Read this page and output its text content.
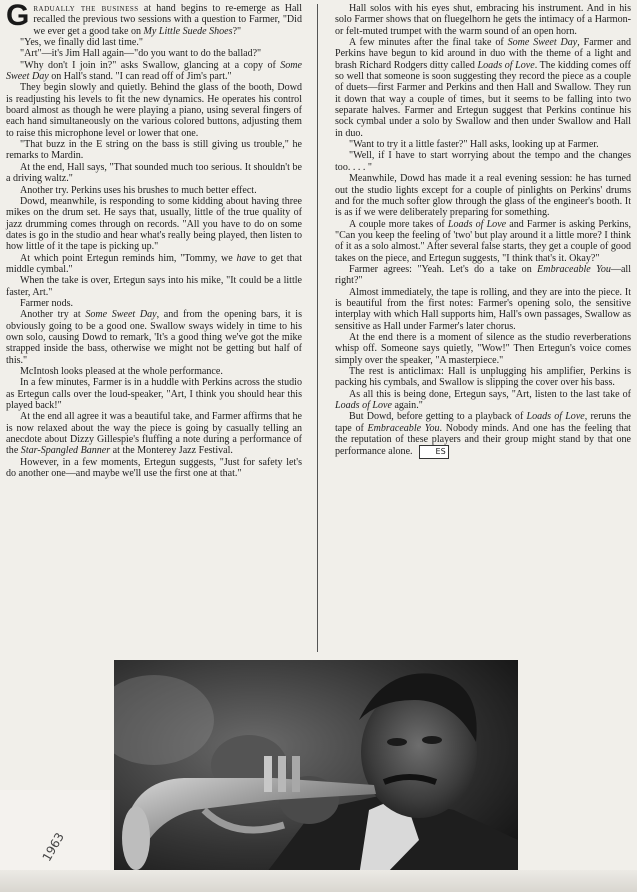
Gradually the business at hand begins to re-emerge as Hall recalled the previous two sessions with a question to Farmer, "Did we ever get a good take on My Little Suede Shoes?"

"Yes, we finally did last time."

"Art"—it's Jim Hall again—"do you want to do the ballad?"

"Why don't I join in?" asks Swallow, glancing at a copy of Some Sweet Day on Hall's stand. "I can read off of Jim's part."

They begin slowly and quietly. Behind the glass of the booth, Dowd is readjusting his levels to fit the new dynamics. He operates his control board almost as though he were playing a piano, using several fingers of each hand simultaneously on the various colored buttons, adjusting them to raise this microphone level or lower that one.

"That buzz in the E string on the bass is still giving us trouble," he remarks to Mardin.

At the end, Hall says, "That sounded much too serious. It shouldn't be a driving waltz."

Another try. Perkins uses his brushes to much better effect.

Dowd, meanwhile, is responding to some kidding about having three mikes on the drum set. He says that, usually, little of the true quality of jazz drumming comes through on records. "All you have to do on some dates is go in the studio and hear what's really being played, then listen to how little of it the tape is picking up."

At which point Ertegun reminds him, "Tommy, we have to get that middle cymbal."

When the take is over, Ertegun says into his mike, "It could be a little faster, Art."

Farmer nods.

Another try at Some Sweet Day, and from the opening bars, it is obviously going to be a good one. Swallow sways widely in time to his own solo, causing Dowd to remark, 'It's a good thing we've got the mike strapped inside the bass, otherwise we might not be getting but half of this."

McIntosh looks pleased at the whole performance.

In a few minutes, Farmer is in a huddle with Perkins across the studio as Ertegun calls over the loud-speaker, "Art, I think you should hear this played back!"

At the end all agree it was a beautiful take, and Farmer affirms that he is now relaxed about the way the piece is going by casually telling an anecdote about Dizzy Gillespie's fluffing a note during a performance of the Star-Spangled Banner at the Monterey Jazz Festival.

However, in a few moments, Ertegun suggests, "Just for safety let's do another one—and maybe we'll use the first one at that."

Hall solos with his eyes shut, embracing his instrument. And in his solo Farmer shows that on fluegelhorn he gets the intimacy of a Harmon- or felt-muted trumpet with the warm sound of an open horn.

A few minutes after the final take of Some Sweet Day, Farmer and Perkins have begun to kid around in duo with the theme of a light and brash Richard Rodgers ditty called Loads of Love. The kidding comes off so well that someone is soon suggesting they record the piece as a couple of duets—first Farmer and Perkins and then Hall and Swallow. They run it down that way a couple of times, but it seems to be falling into two separate halves. Farmer and Ertegun suggest that Perkins continue his sock cymbal under a solo by Swallow and then under Swallow and Hall in duo.

"Want to try it a little faster?" Hall asks, looking up at Farmer.

"Well, if I have to start worrying about the tempo and the changes too. . . . "

Meanwhile, Dowd has made it a real evening session: he has turned out the studio lights except for a couple of pinlights on Perkins' drums and for the much softer glow through the glass of the engineer's booth. It is as if we were deliberately preparing for something.

A couple more takes of Loads of Love and Farmer is asking Perkins, "Can you keep the feeling of 'two' but play around it a little more? I think of it as a solo almost." After several false starts, they get a couple of good takes on the piece, and Ertegun suggests, "I think that's it. Okay?"

Farmer agrees: "Yeah. Let's do a take on Embraceable You—all right?"

Almost immediately, the tape is rolling, and they are into the piece. It is beautiful from the first notes: Farmer's opening solo, the sensitive interplay with which Hall supports him, Hall's own passages, Swallow as sensitive as Hall under Farmer's later chorus.

At the end there is a moment of silence as the studio reverberations whisp off. Someone says quietly, "Wow!" Then Ertegun's voice comes simply over the speaker, "A masterpiece."

The rest is anticlimax: Hall is unplugging his amplifier, Perkins is packing his cymbals, and Swallow is slipping the cover over his bass.

As all this is being done, Ertegun says, "Art, listen to the last take of Loads of Love again."

But Dowd, before getting to a playback of Loads of Love, reruns the tape of Embraceable You. Nobody minds. And one has the feeling that the reputation of these players and their group might stand by that one performance alone.	ES

1963
